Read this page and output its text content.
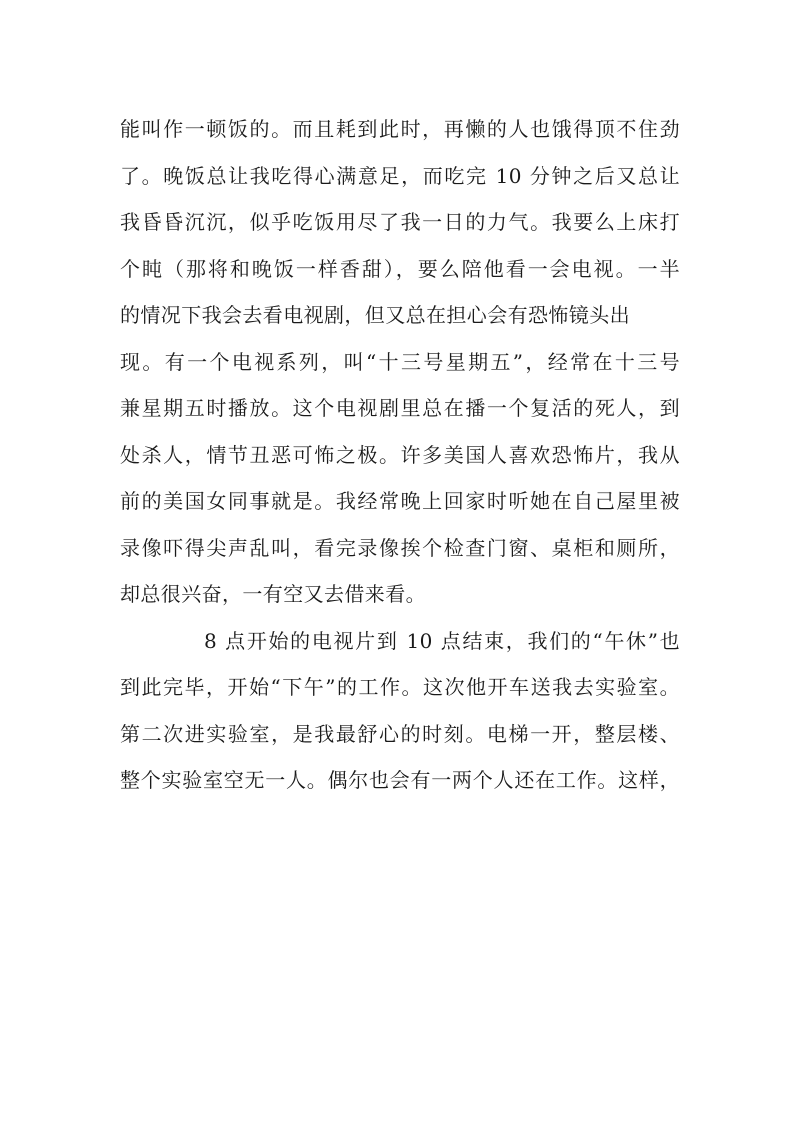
能叫作一顿饭的。而且耗到此时，再懒的人也饿得顶不住劲
了。晚饭总让我吃得心满意足，而吃完 10 分钟之后又总让
我昏昏沉沉，似乎吃饭用尽了我一日的力气。我要么上床打
个盹（那将和晚饭一样香甜），要么陪他看一会电视。一半
的情况下我会去看电视剧，但又总在担心会有恐怖镜头出
现。有一个电视系列，叫“十三号星期五”，经常在十三号
兼星期五时播放。这个电视剧里总在播一个复活的死人，到
处杀人，情节丑恶可怖之极。许多美国人喜欢恐怖片，我从
前的美国女同事就是。我经常晚上回家时听她在自己屋里被
录像吓得尖声乱叫，看完录像挨个检查门窗、桌柜和厕所，
却总很兴奋，一有空又去借来看。
8 点开始的电视片到 10 点结束，我们的“午休”也
到此完毕，开始“下午”的工作。这次他开车送我去实验室。
第二次进实验室，是我最舒心的时刻。电梯一开，整层楼、
整个实验室空无一人。偶尔也会有一两个人还在工作。这样，
